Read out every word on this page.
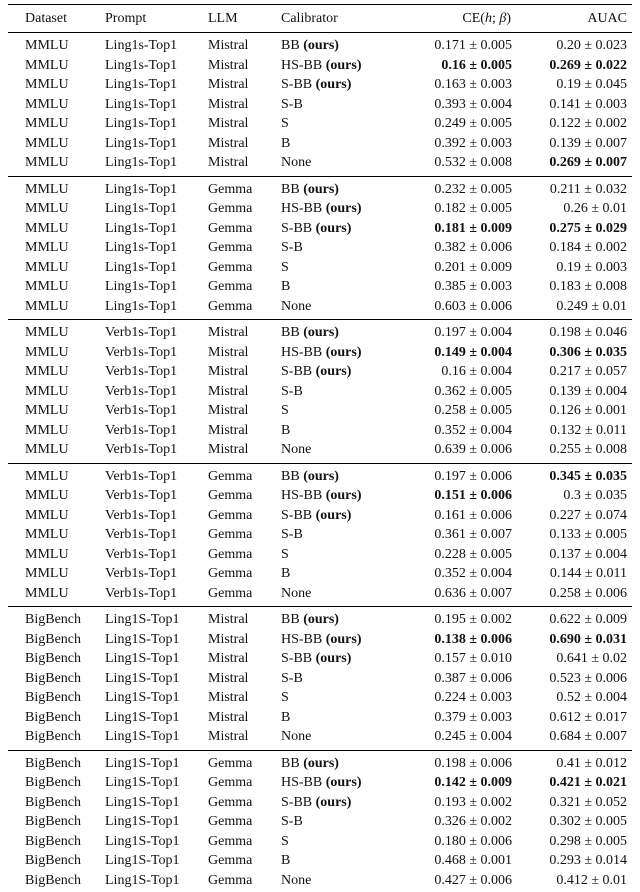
Dataset	Prompt	LLM	Calibrator	CE(h; β)	AUAC
MMLU	Ling1s-Top1	Mistral	BB (ours)	0.171 ± 0.005	0.20 ± 0.023
MMLU	Ling1s-Top1	Mistral	HS-BB (ours)	0.16 ± 0.005	0.269 ± 0.022
MMLU	Ling1s-Top1	Mistral	S-BB (ours)	0.163 ± 0.003	0.19 ± 0.045
MMLU	Ling1s-Top1	Mistral	S-B	0.393 ± 0.004	0.141 ± 0.003
MMLU	Ling1s-Top1	Mistral	S	0.249 ± 0.005	0.122 ± 0.002
MMLU	Ling1s-Top1	Mistral	B	0.392 ± 0.003	0.139 ± 0.007
MMLU	Ling1s-Top1	Mistral	None	0.532 ± 0.008	0.269 ± 0.007
MMLU	Ling1s-Top1	Gemma	BB (ours)	0.232 ± 0.005	0.211 ± 0.032
MMLU	Ling1s-Top1	Gemma	HS-BB (ours)	0.182 ± 0.005	0.26 ± 0.01
MMLU	Ling1s-Top1	Gemma	S-BB (ours)	0.181 ± 0.009	0.275 ± 0.029
MMLU	Ling1s-Top1	Gemma	S-B	0.382 ± 0.006	0.184 ± 0.002
MMLU	Ling1s-Top1	Gemma	S	0.201 ± 0.009	0.19 ± 0.003
MMLU	Ling1s-Top1	Gemma	B	0.385 ± 0.003	0.183 ± 0.008
MMLU	Ling1s-Top1	Gemma	None	0.603 ± 0.006	0.249 ± 0.01
MMLU	Verb1s-Top1	Mistral	BB (ours)	0.197 ± 0.004	0.198 ± 0.046
MMLU	Verb1s-Top1	Mistral	HS-BB (ours)	0.149 ± 0.004	0.306 ± 0.035
MMLU	Verb1s-Top1	Mistral	S-BB (ours)	0.16 ± 0.004	0.217 ± 0.057
MMLU	Verb1s-Top1	Mistral	S-B	0.362 ± 0.005	0.139 ± 0.004
MMLU	Verb1s-Top1	Mistral	S	0.258 ± 0.005	0.126 ± 0.001
MMLU	Verb1s-Top1	Mistral	B	0.352 ± 0.004	0.132 ± 0.011
MMLU	Verb1s-Top1	Mistral	None	0.639 ± 0.006	0.255 ± 0.008
MMLU	Verb1s-Top1	Gemma	BB (ours)	0.197 ± 0.006	0.345 ± 0.035
MMLU	Verb1s-Top1	Gemma	HS-BB (ours)	0.151 ± 0.006	0.3 ± 0.035
MMLU	Verb1s-Top1	Gemma	S-BB (ours)	0.161 ± 0.006	0.227 ± 0.074
MMLU	Verb1s-Top1	Gemma	S-B	0.361 ± 0.007	0.133 ± 0.005
MMLU	Verb1s-Top1	Gemma	S	0.228 ± 0.005	0.137 ± 0.004
MMLU	Verb1s-Top1	Gemma	B	0.352 ± 0.004	0.144 ± 0.011
MMLU	Verb1s-Top1	Gemma	None	0.636 ± 0.007	0.258 ± 0.006
BigBench	Ling1S-Top1	Mistral	BB (ours)	0.195 ± 0.002	0.622 ± 0.009
BigBench	Ling1S-Top1	Mistral	HS-BB (ours)	0.138 ± 0.006	0.690 ± 0.031
BigBench	Ling1S-Top1	Mistral	S-BB (ours)	0.157 ± 0.010	0.641 ± 0.02
BigBench	Ling1S-Top1	Mistral	S-B	0.387 ± 0.006	0.523 ± 0.006
BigBench	Ling1S-Top1	Mistral	S	0.224 ± 0.003	0.52 ± 0.004
BigBench	Ling1S-Top1	Mistral	B	0.379 ± 0.003	0.612 ± 0.017
BigBench	Ling1S-Top1	Mistral	None	0.245 ± 0.004	0.684 ± 0.007
BigBench	Ling1S-Top1	Gemma	BB (ours)	0.198 ± 0.006	0.41 ± 0.012
BigBench	Ling1S-Top1	Gemma	HS-BB (ours)	0.142 ± 0.009	0.421 ± 0.021
BigBench	Ling1S-Top1	Gemma	S-BB (ours)	0.193 ± 0.002	0.321 ± 0.052
BigBench	Ling1S-Top1	Gemma	S-B	0.326 ± 0.002	0.302 ± 0.005
BigBench	Ling1S-Top1	Gemma	S	0.180 ± 0.006	0.298 ± 0.005
BigBench	Ling1S-Top1	Gemma	B	0.468 ± 0.001	0.293 ± 0.014
BigBench	Ling1S-Top1	Gemma	None	0.427 ± 0.006	0.412 ± 0.01
